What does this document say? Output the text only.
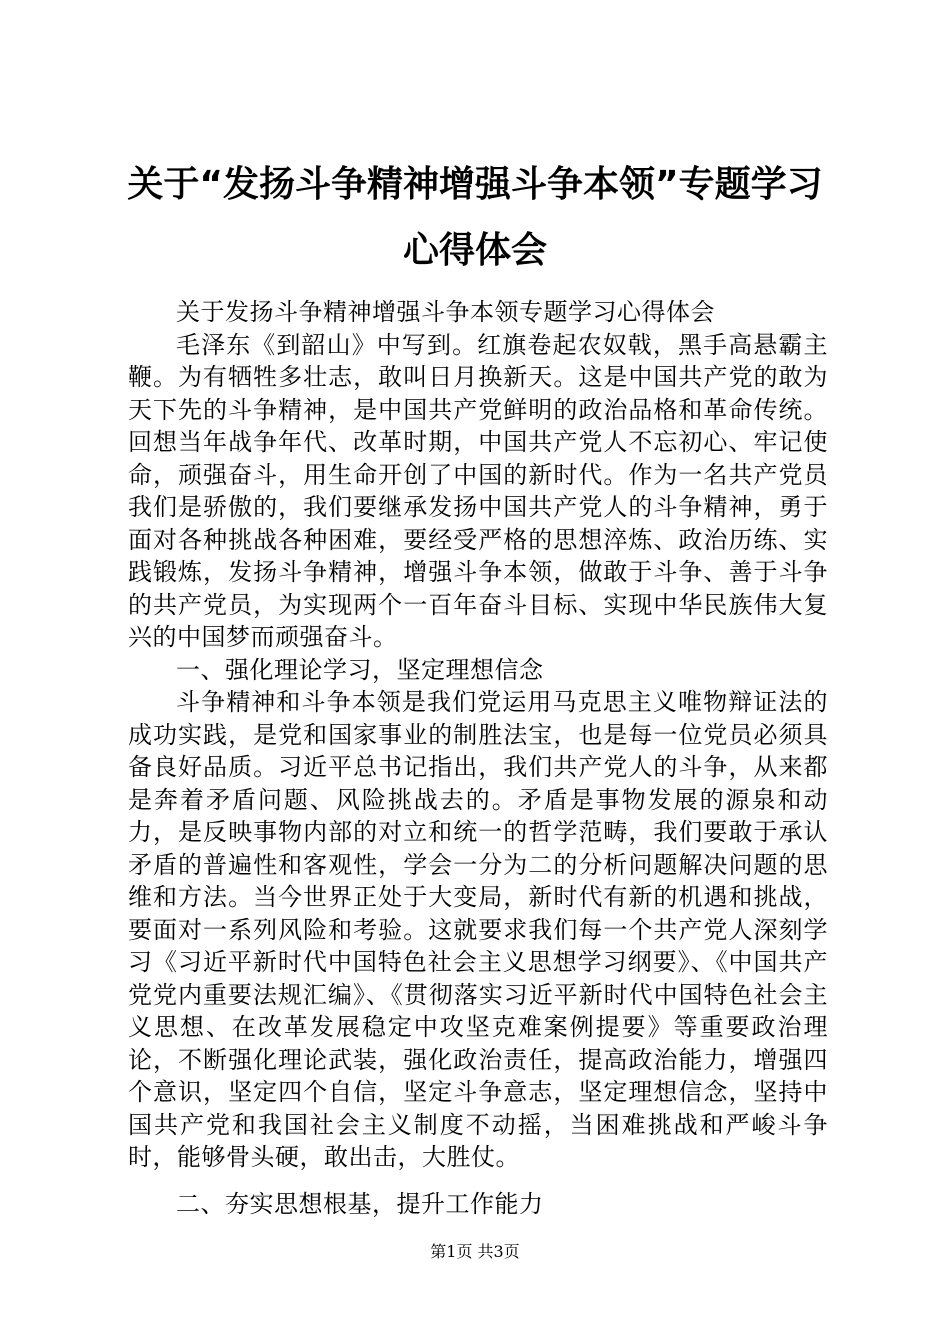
关于“发扬斗争精神增强斗争本领”专题学习
心得体会

关于发扬斗争精神增强斗争本领专题学习心得体会

毛泽东《到韶山》中写到。红旗卷起农奴戟，黑手高悬霸主鞭。为有牺牲多壮志，敢叫日月换新天。这是中国共产党的敢为天下先的斗争精神，是中国共产党鲜明的政治品格和革命传统。回想当年战争年代、改革时期，中国共产党人不忘初心、牢记使命，顽强奋斗，用生命开创了中国的新时代。作为一名共产党员我们是骄傲的，我们要继承发扬中国共产党人的斗争精神，勇于面对各种挑战各种困难，要经受严格的思想淬炼、政治历练、实践锻炼，发扬斗争精神，增强斗争本领，做敢于斗争、善于斗争的共产党员，为实现两个一百年奋斗目标、实现中华民族伟大复兴的中国梦而顽强奋斗。

一、强化理论学习，坚定理想信念

斗争精神和斗争本领是我们党运用马克思主义唯物辩证法的成功实践，是党和国家事业的制胜法宝，也是每一位党员必须具备良好品质。习近平总书记指出，我们共产党人的斗争，从来都是奔着矛盾问题、风险挑战去的。矛盾是事物发展的源泉和动力，是反映事物内部的对立和统一的哲学范畴，我们要敢于承认矛盾的普遍性和客观性，学会一分为二的分析问题解决问题的思维和方法。当今世界正处于大变局，新时代有新的机遇和挑战，要面对一系列风险和考验。这就要求我们每一个共产党人深刻学习《习近平新时代中国特色社会主义思想学习纲要》、《中国共产党党内重要法规汇编》、《贯彻落实习近平新时代中国特色社会主义思想、在改革发展稳定中攻坚克难案例提要》等重要政治理论，不断强化理论武装，强化政治责任，提高政治能力，增强四个意识，坚定四个自信，坚定斗争意志，坚定理想信念，坚持中国共产党和我国社会主义制度不动摇，当困难挑战和严峻斗争时，能够骨头硬，敢出击，大胜仗。

二、夯实思想根基，提升工作能力

第1页 共3页
